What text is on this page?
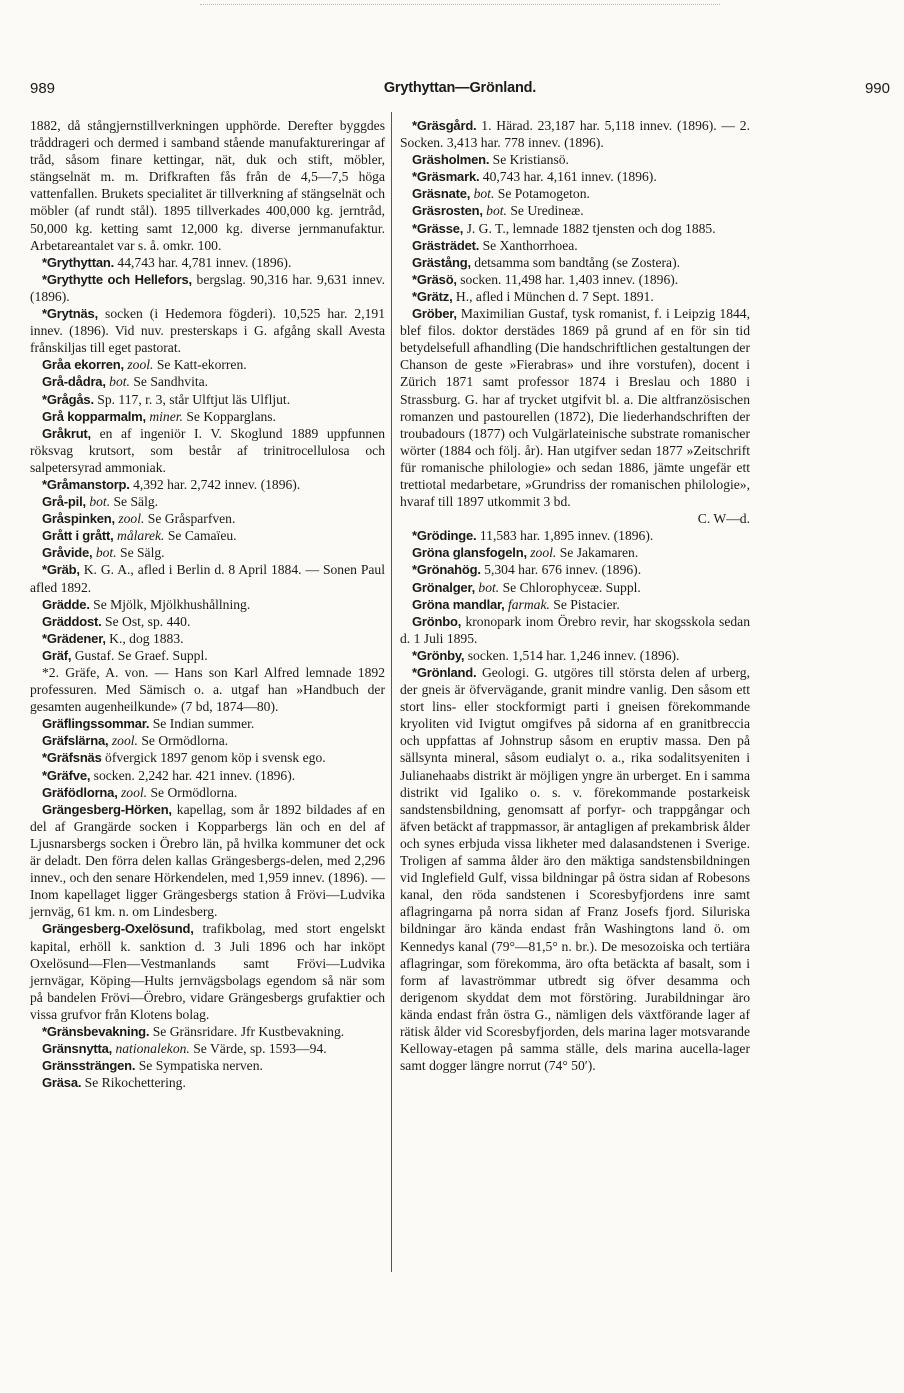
989	Grythyttan—Grönland.	990

1882, då stångjernstillverkningen upphörde. Derefter byggdes tråddrageri och dermed i samband stående manufaktureringar af tråd, såsom finare kettingar, nät, duk och stift, möbler, stängselnät m. m. Drifkraften fås från de 4,5—7,5 höga vattenfallen. Brukets specialitet är tillverkning af stängselnät och möbler (af rundt stål). 1895 tillverkades 400,000 kg. jerntråd, 50,000 kg. ketting samt 12,000 kg. diverse jernmanufaktur. Arbetareantalet var s. å. omkr. 100.

*Grythyttan. 44,743 har. 4,781 innev. (1896).

*Grythytte och Hellefors, bergslag. 90,316 har. 9,631 innev. (1896).

*Grytnäs, socken (i Hedemora fögderi). 10,525 har. 2,191 innev. (1896). Vid nuv. presterskaps i G. afgång skall Avesta frånskiljas till eget pastorat.

Gråa ekorren, zool. Se Katt-ekorren.

Grå-dådra, bot. Se Sandhvita.

*Grågås. Sp. 117, r. 3, står Ulftjut läs Ulfljut.

Grå kopparmalm, miner. Se Kopparglans.

Gråkrut, en af ingeniör I. V. Skoglund 1889 uppfunnen röksvag krutsort, som består af trinitrocellulosa och salpetersyrad ammoniak.

*Gråmanstorp. 4,392 har. 2,742 innev. (1896).

Grå-pil, bot. Se Sälg.

Gråspinken, zool. Se Gråsparfven.

Grått i grått, målarek. Se Camaïeu.

Gråvide, bot. Se Sälg.

*Gräb, K. G. A., afled i Berlin d. 8 April 1884. — Sonen Paul afled 1892.

Grädde. Se Mjölk, Mjölkhushållning.

Gräddost. Se Ost, sp. 440.

*Grädener, K., dog 1883.

Gräf, Gustaf. Se Graef. Suppl.

*2. Gräfe, A. von. — Hans son Karl Alfred lemnade 1892 professuren. Med Sämisch o. a. utgaf han »Handbuch der gesamten augenheilkunde» (7 bd, 1874—80).

Gräflingssommar. Se Indian summer.

Gräfslärna, zool. Se Ormödlorna.

*Gräfsnäs öfvergick 1897 genom köp i svensk ego.

*Gräfve, socken. 2,242 har. 421 innev. (1896).

Gräfödlorna, zool. Se Ormödlorna.

Grängesberg-Hörken, kapellag, som år 1892 bildades af en del af Grangärde socken i Kopparbergs län och en del af Ljusnarsbergs socken i Örebro län, på hvilka kommuner det ock är deladt. Den förra delen kallas Grängesbergs-delen, med 2,296 innev., och den senare Hörkendelen, med 1,959 innev. (1896). — Inom kapellaget ligger Grängesbergs station å Frövi—Ludvika jernväg, 61 km. n. om Lindesberg.

Grängesberg-Oxelösund, trafikbolag, med stort engelskt kapital, erhöll k. sanktion d. 3 Juli 1896 och har inköpt Oxelösund—Flen—Vestmanlands samt Frövi—Ludvika jernvägar, Köping—Hults jernvägsbolags egendom så när som på bandelen Frövi—Örebro, vidare Grängesbergs grufaktier och vissa grufvor från Klotens bolag.

*Gränsbevakning. Se Gränsridare. Jfr Kustbevakning.

Gränsnytta, nationalekon. Se Värde, sp. 1593—94.

Gränssträngen. Se Sympatiska nerven.

Gräsa. Se Rikochettering.

*Gräsgård. 1. Härad. 23,187 har. 5,118 innev. (1896). — 2. Socken. 3,413 har. 778 innev. (1896).

Gräsholmen. Se Kristiansö.

*Gräsmark. 40,743 har. 4,161 innev. (1896).

Gräsnate, bot. Se Potamogeton.

Gräsrosten, bot. Se Uredineæ.

*Grässe, J. G. T., lemnade 1882 tjensten och dog 1885.

Grästrädet. Se Xanthorrhoea.

Grästång, detsamma som bandtång (se Zostera).

*Gräsö, socken. 11,498 har. 1,403 innev. (1896).

*Grätz, H., afled i München d. 7 Sept. 1891.

Gröber, Maximilian Gustaf, tysk romanist, f. i Leipzig 1844, blef filos. doktor derstädes 1869 på grund af en för sin tid betydelsefull afhandling (Die handschriftlichen gestaltungen der Chanson de geste »Fierabras» und ihre vorstufen), docent i Zürich 1871 samt professor 1874 i Breslau och 1880 i Strassburg. G. har af trycket utgifvit bl. a. Die altfranzösischen romanzen und pastourellen (1872), Die liederhandschriften der troubadours (1877) och Vulgärlateinische substrate romanischer wörter (1884 och följ. år). Han utgifver sedan 1877 »Zeitschrift für romanische philologie» och sedan 1886, jämte ungefär ett trettiotal medarbetare, »Grundriss der romanischen philologie», hvaraf till 1897 utkommit 3 bd.

C. W—d.

*Grödinge. 11,583 har. 1,895 innev. (1896).

Gröna glansfogeln, zool. Se Jakamaren.

*Grönahög. 5,304 har. 676 innev. (1896).

Grönalger, bot. Se Chlorophyceæ. Suppl.

Gröna mandlar, farmak. Se Pistacier.

Grönbo, kronopark inom Örebro revir, har skogsskola sedan d. 1 Juli 1895.

*Grönby, socken. 1,514 har. 1,246 innev. (1896).

*Grönland. Geologi. G. utgöres till största delen af urberg, der gneis är öfvervägande, granit mindre vanlig. Den såsom ett stort lins- eller stockformigt parti i gneisen förekommande kryoliten vid Ivigtut omgifves på sidorna af en granitbreccia och uppfattas af Johnstrup såsom en eruptiv massa. Den på sällsynta mineral, såsom eudialyt o. a., rika sodalitsyeniten i Julianehaabs distrikt är möjligen yngre än urberget. En i samma distrikt vid Igaliko o. s. v. förekommande postarkeisk sandstensbildning, genomsatt af porfyr- och trappgångar och äfven betäckt af trappmassor, är antagligen af prekambrisk ålder och synes erbjuda vissa likheter med dalasandstenen i Sverige. Troligen af samma ålder äro den mäktiga sandstensbildningen vid Inglefield Gulf, vissa bildningar på östra sidan af Robesons kanal, den röda sandstenen i Scoresbyfjordens inre samt aflagringarna på norra sidan af Franz Josefs fjord. Siluriska bildningar äro kända endast från Washingtons land ö. om Kennedys kanal (79°—81,5° n. br.). De mesozoiska och tertiära aflagringar, som förekomma, äro ofta betäckta af basalt, som i form af lavaströmmar utbredt sig öfver desamma och derigenom skyddat dem mot förstöring. Jurabildningar äro kända endast från östra G., nämligen dels växtförande lager af rätisk ålder vid Scoresbyfjorden, dels marina lager motsvarande Kelloway-etagen på samma ställe, dels marina aucella-lager samt dogger längre norrut (74° 50′).
